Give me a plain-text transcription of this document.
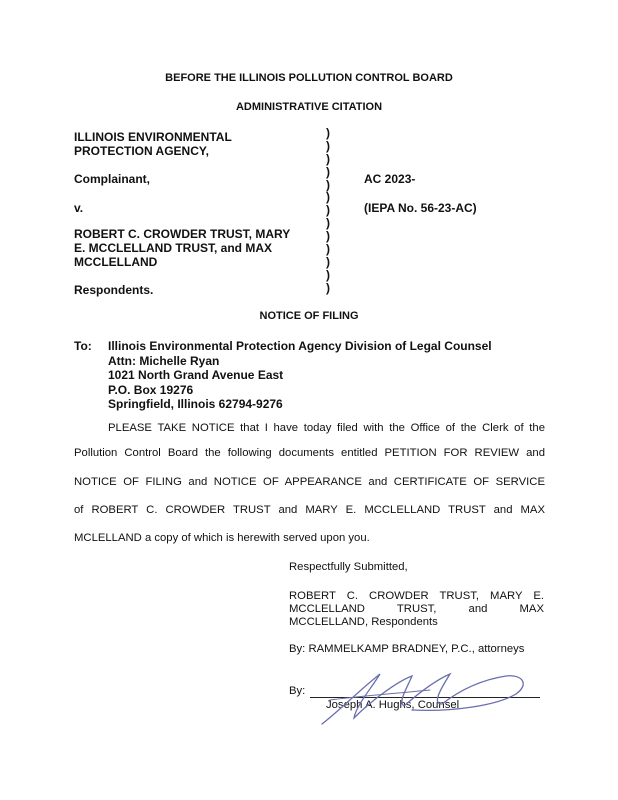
BEFORE THE ILLINOIS POLLUTION CONTROL BOARD
ADMINISTRATIVE CITATION
ILLINOIS ENVIRONMENTAL
PROTECTION AGENCY,
Complainant,
v.
ROBERT C. CROWDER TRUST, MARY
E. MCCLELLAND TRUST, and MAX
MCCLELLAND
Respondents.
)
)
)
)
)
)
)
)
)
)
)
)
)
AC 2023-
(IEPA No. 56-23-AC)
NOTICE OF FILING
To: Illinois Environmental Protection Agency Division of Legal Counsel
Attn: Michelle Ryan
1021 North Grand Avenue East
P.O. Box 19276
Springfield, Illinois 62794-9276
PLEASE TAKE NOTICE that I have today filed with the Office of the Clerk of the
Pollution Control Board the following documents entitled PETITION FOR REVIEW and
NOTICE OF FILING and NOTICE OF APPEARANCE and CERTIFICATE OF SERVICE
of ROBERT C. CROWDER TRUST and MARY E. MCCLELLAND TRUST and MAX
MCLELLAND a copy of which is herewith served upon you.
Respectfully Submitted,
ROBERT C. CROWDER TRUST, MARY E.
MCCLELLAND TRUST, and MAX
MCCLELLAND, Respondents
By: RAMMELKAMP BRADNEY, P.C., attorneys
By:
Joseph A. Hughs, Counsel
